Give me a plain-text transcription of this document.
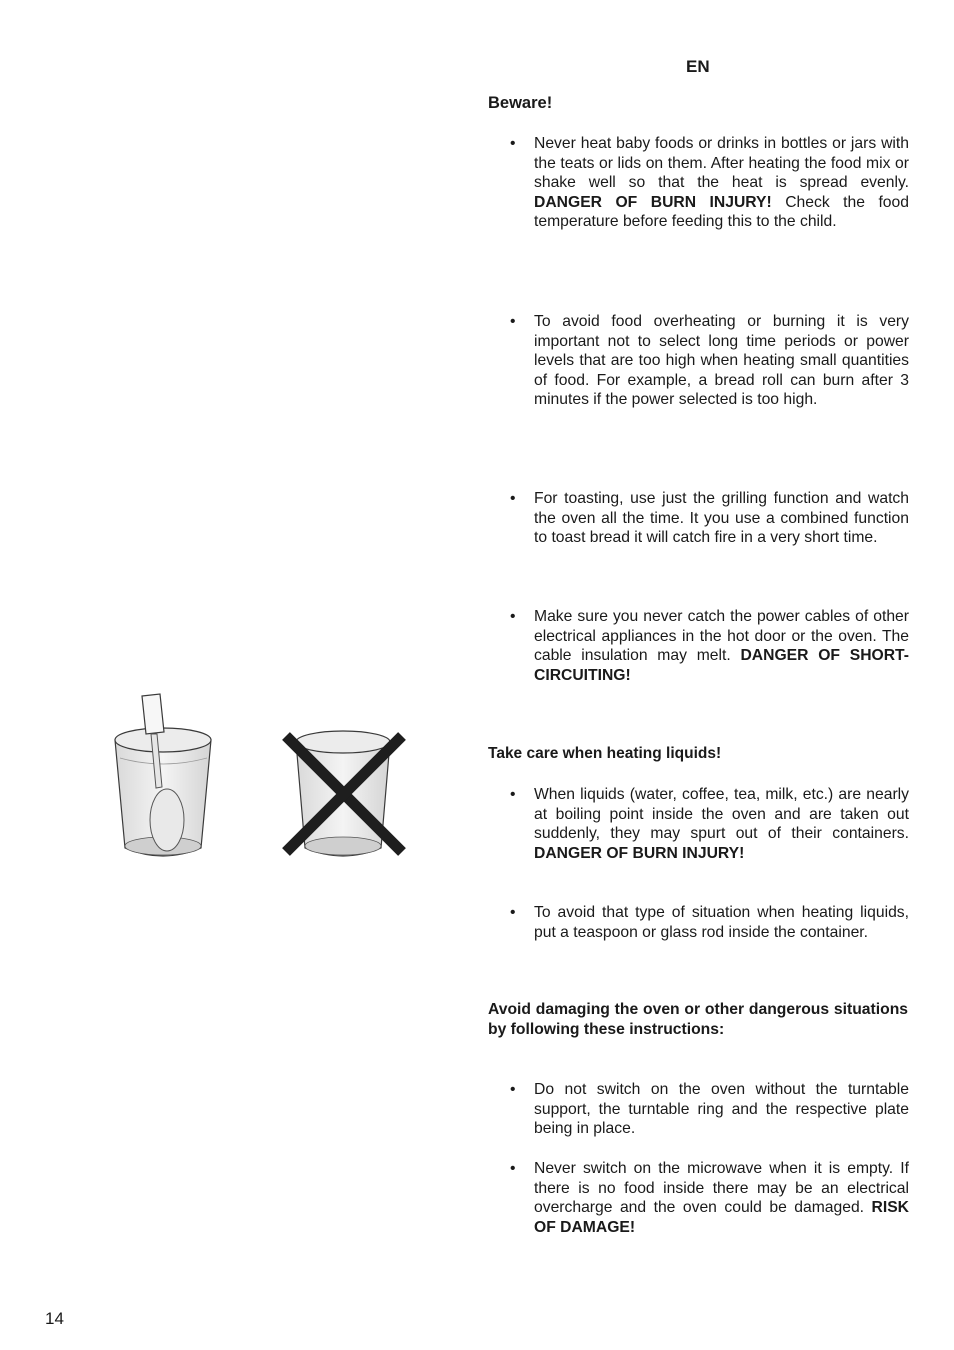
EN
Beware!
• Never heat baby foods or drinks in bottles or jars with the teats or lids on them. After heating the food mix or shake well so that the heat is spread evenly. DANGER OF BURN INJURY! Check the food temperature before feeding this to the child.
• To avoid food overheating or burning it is very important not to select long time periods or power levels that are too high when heating small quantities of food. For example, a bread roll can burn after 3 minutes if the power selected is too high.
• For toasting, use just the grilling function and watch the oven all the time. It you use a combined function to toast bread it will catch fire in a very short time.
• Make sure you never catch the power cables of other electrical appliances in the hot door or the oven. The cable insulation may melt. DANGER OF SHORT-CIRCUITING!
Take care when heating liquids!
• When liquids (water, coffee, tea, milk, etc.) are nearly at boiling point inside the oven and are taken out suddenly, they may spurt out of their containers. DANGER OF BURN INJURY!
• To avoid that type of situation when heating liquids, put a teaspoon or glass rod inside the container.
Avoid damaging the oven or other dangerous situations by following these instructions:
• Do not switch on the oven without the turntable support, the turntable ring and the respective plate being in place.
• Never switch on the microwave when it is empty. If there is no food inside there may be an electrical overcharge and the oven could be damaged. RISK OF DAMAGE!
14
